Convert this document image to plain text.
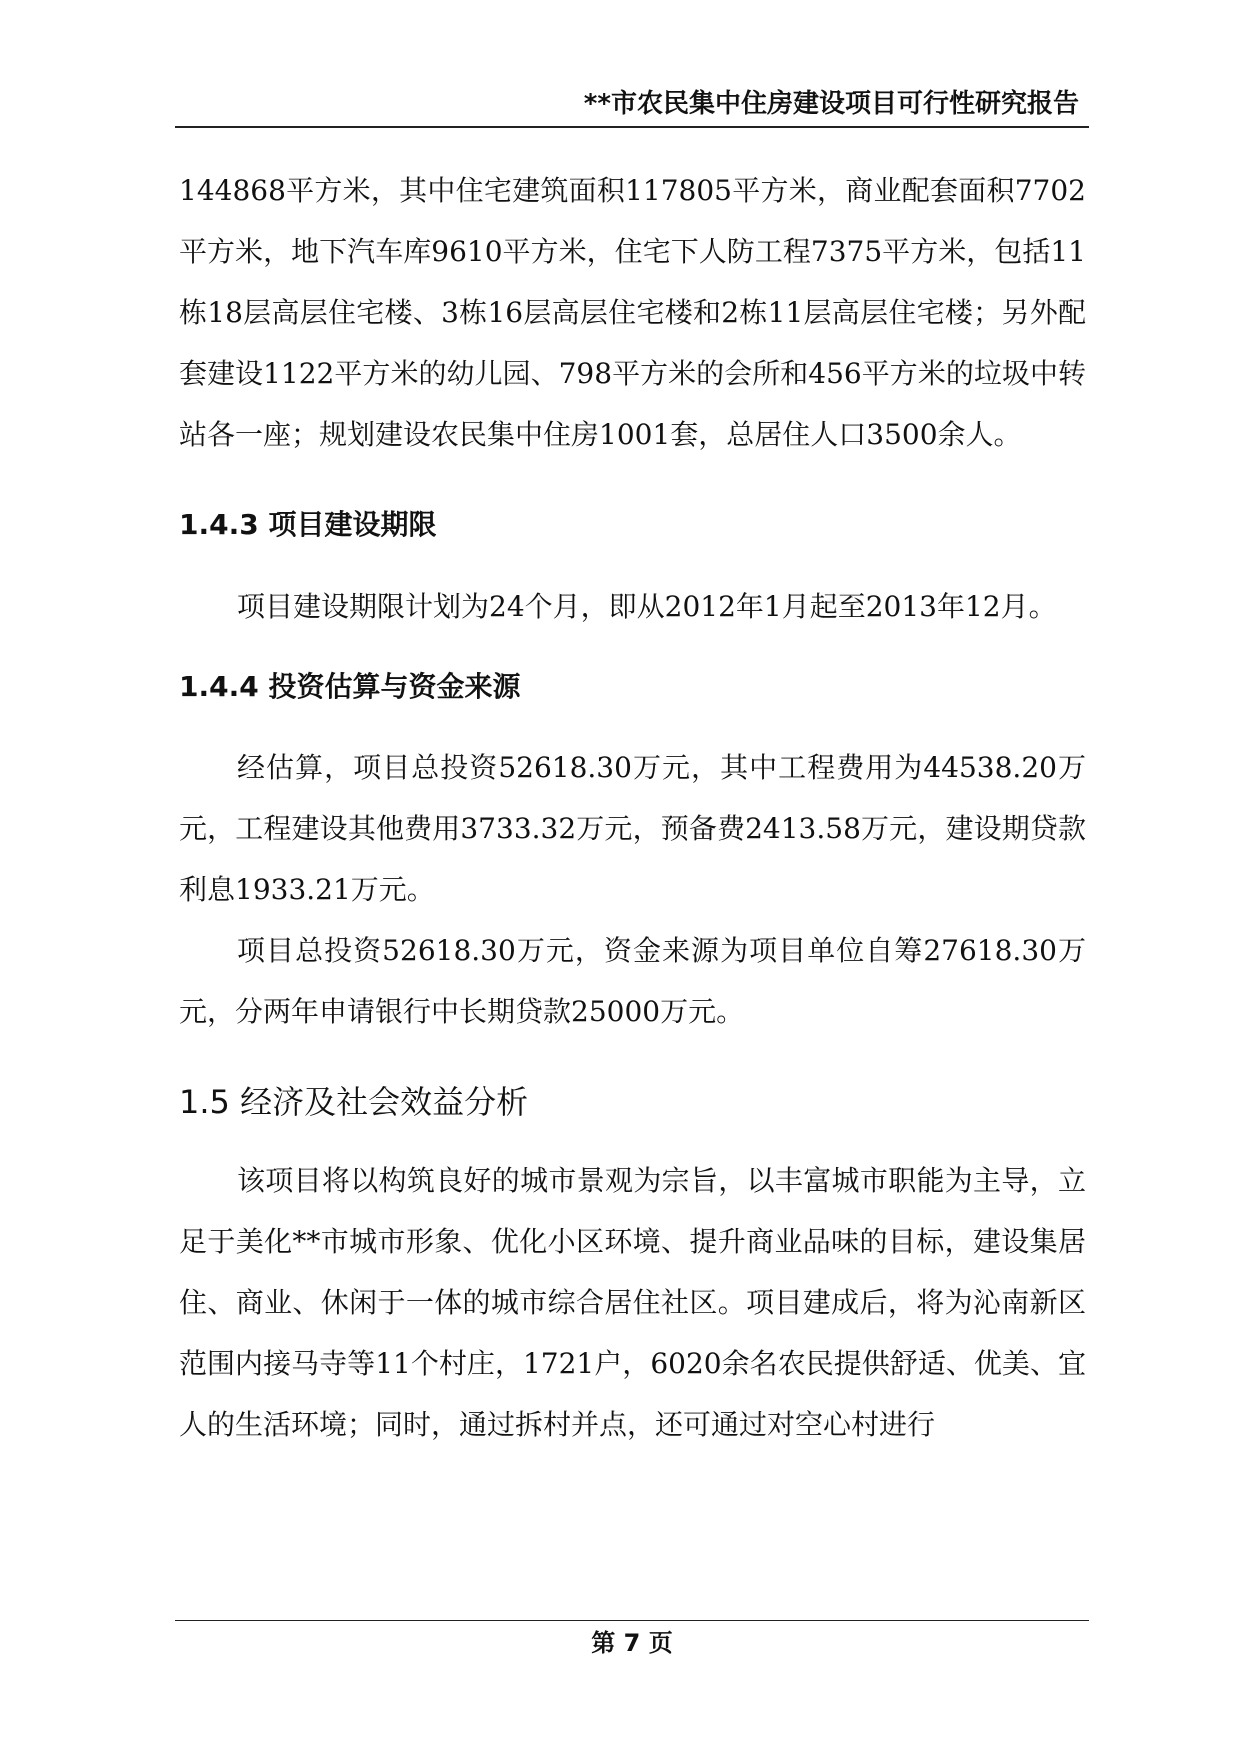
**市农民集中住房建设项目可行性研究报告

144868平方米，其中住宅建筑面积117805平方米，商业配套面积7702平方米，地下汽车库9610平方米，住宅下人防工程7375平方米，包括11栋18层高层住宅楼、3栋16层高层住宅楼和2栋11层高层住宅楼；另外配套建设1122平方米的幼儿园、798平方米的会所和456平方米的垃圾中转站各一座；规划建设农民集中住房1001套，总居住人口3500余人。

1.4.3 项目建设期限

项目建设期限计划为24个月，即从2012年1月起至2013年12月。

1.4.4 投资估算与资金来源

经估算，项目总投资52618.30万元，其中工程费用为44538.20万元，工程建设其他费用3733.32万元，预备费2413.58万元，建设期贷款利息1933.21万元。

项目总投资52618.30万元，资金来源为项目单位自筹27618.30万元，分两年申请银行中长期贷款25000万元。

1.5 经济及社会效益分析

该项目将以构筑良好的城市景观为宗旨，以丰富城市职能为主导，立足于美化**市城市形象、优化小区环境、提升商业品味的目标，建设集居住、商业、休闲于一体的城市综合居住社区。项目建成后，将为沁南新区范围内接马寺等11个村庄，1721户，6020余名农民提供舒适、优美、宜人的生活环境；同时，通过拆村并点，还可通过对空心村进行

第 7 页
